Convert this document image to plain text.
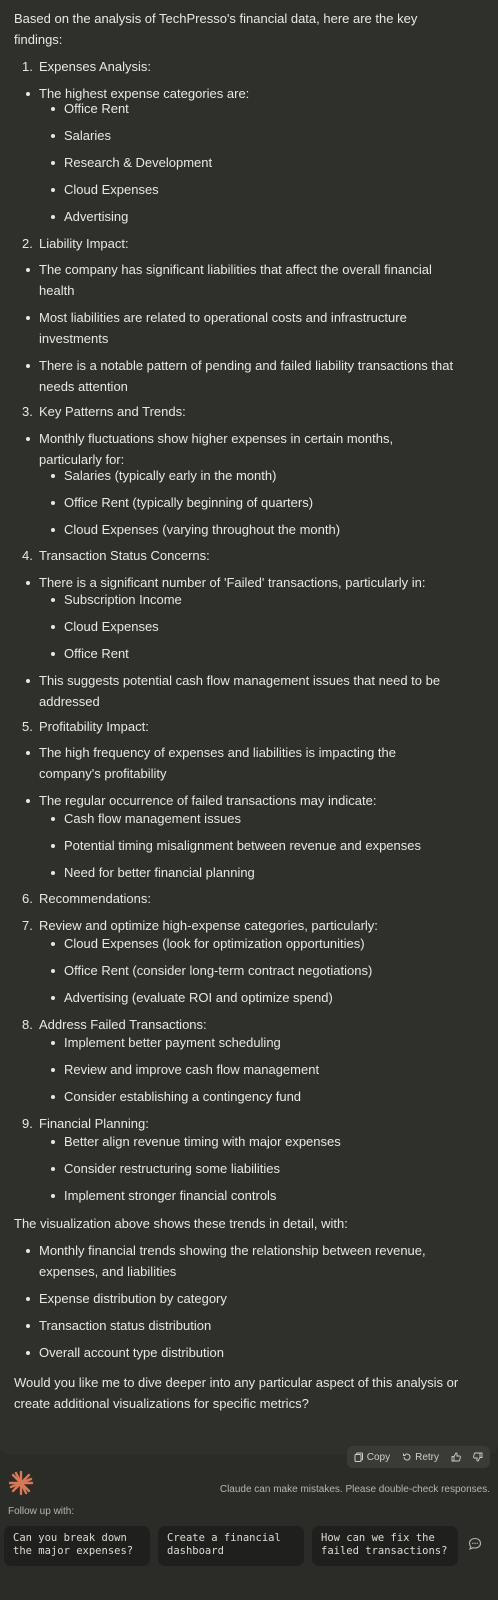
Based on the analysis of TechPresso's financial data, here are the key findings:

1. Expenses Analysis:
The highest expense categories are:
Office Rent
Salaries
Research & Development
Cloud Expenses
Advertising
2. Liability Impact:
The company has significant liabilities that affect the overall financial health
Most liabilities are related to operational costs and infrastructure investments
There is a notable pattern of pending and failed liability transactions that needs attention
3. Key Patterns and Trends:
Monthly fluctuations show higher expenses in certain months, particularly for:
Salaries (typically early in the month)
Office Rent (typically beginning of quarters)
Cloud Expenses (varying throughout the month)
4. Transaction Status Concerns:
There is a significant number of 'Failed' transactions, particularly in:
Subscription Income
Cloud Expenses
Office Rent
This suggests potential cash flow management issues that need to be addressed
5. Profitability Impact:
The high frequency of expenses and liabilities is impacting the company's profitability
The regular occurrence of failed transactions may indicate:
Cash flow management issues
Potential timing misalignment between revenue and expenses
Need for better financial planning
6. Recommendations:
7. Review and optimize high-expense categories, particularly:
Cloud Expenses (look for optimization opportunities)
Office Rent (consider long-term contract negotiations)
Advertising (evaluate ROI and optimize spend)
8. Address Failed Transactions:
Implement better payment scheduling
Review and improve cash flow management
Consider establishing a contingency fund
9. Financial Planning:
Better align revenue timing with major expenses
Consider restructuring some liabilities
Implement stronger financial controls

The visualization above shows these trends in detail, with:

Monthly financial trends showing the relationship between revenue, expenses, and liabilities
Expense distribution by category
Transaction status distribution
Overall account type distribution

Would you like me to dive deeper into any particular aspect of this analysis or create additional visualizations for specific metrics?

Copy	Retry
Claude can make mistakes. Please double-check responses.
Follow up with:
Can you break down the major expenses?
Create a financial dashboard
How can we fix the failed transactions?
